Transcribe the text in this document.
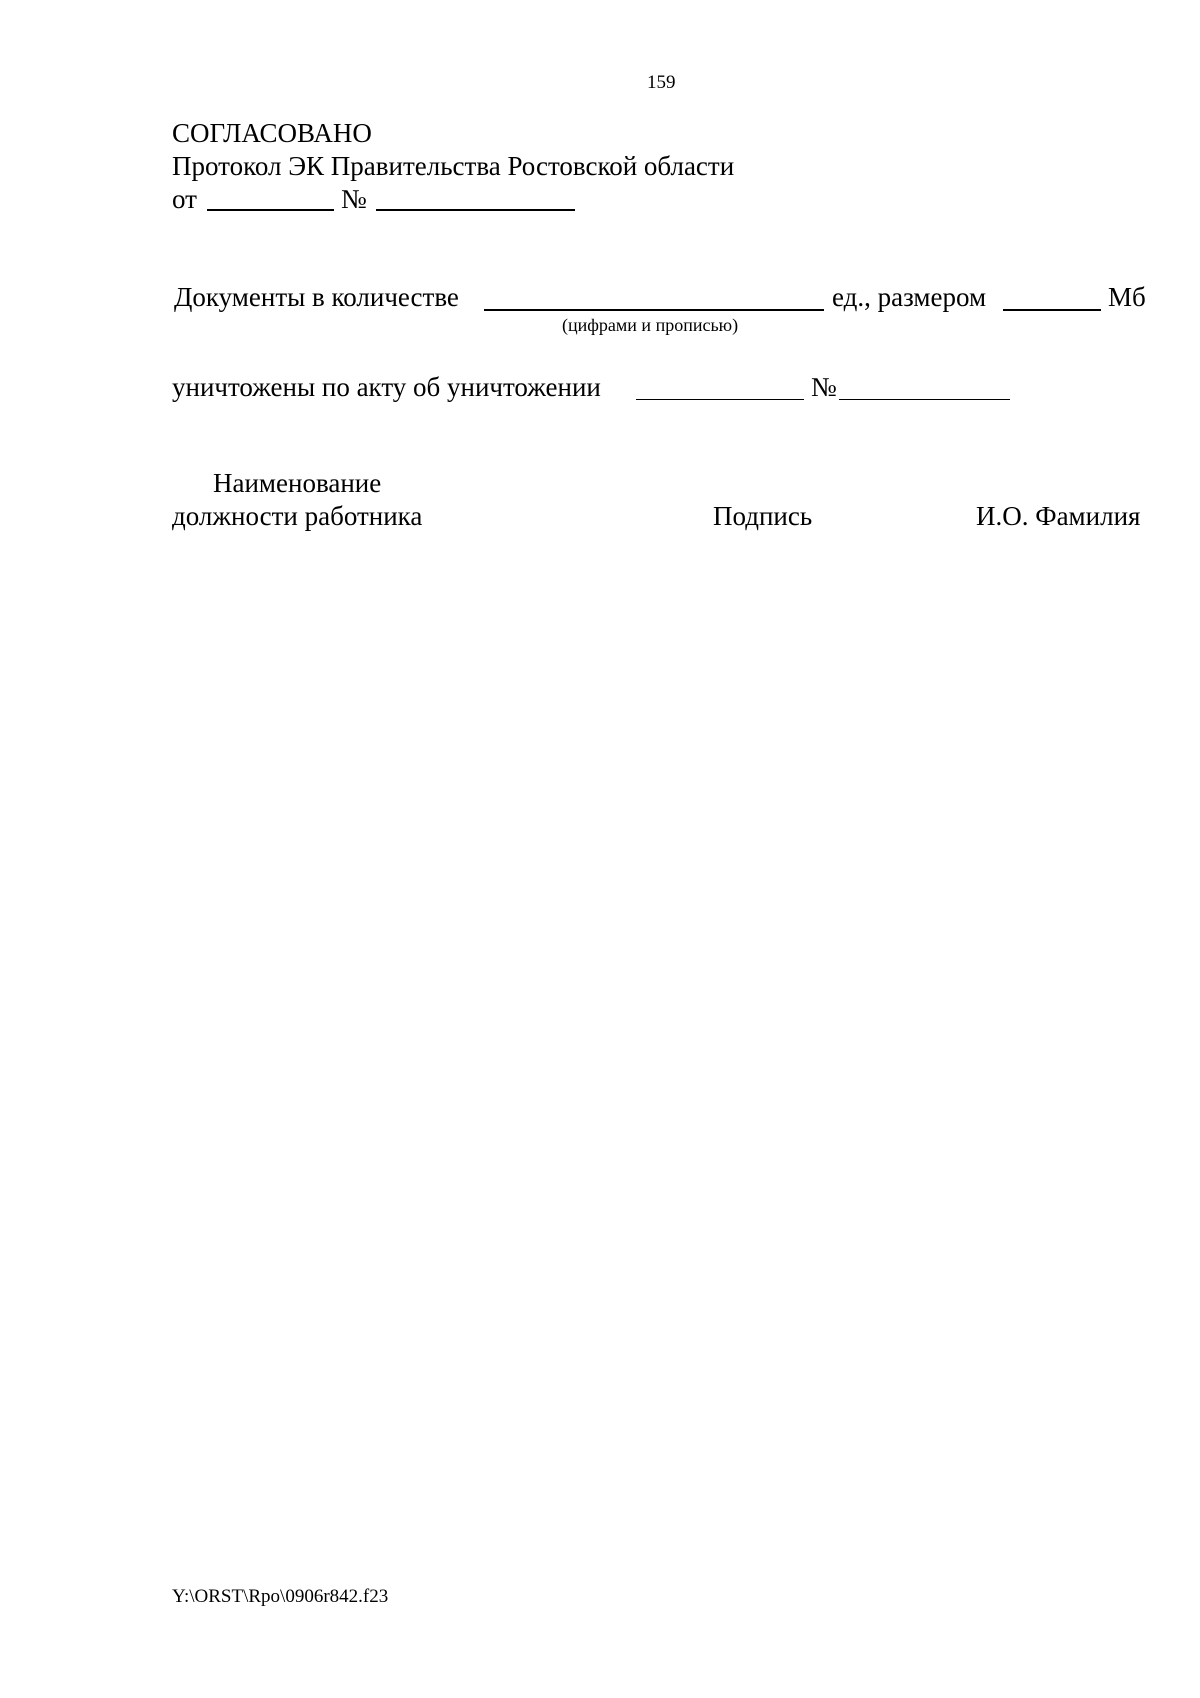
159
СОГЛАСОВАНО
Протокол ЭК Правительства Ростовской области
от	№
Документы в количестве	ед., размером	Мб
(цифрами и прописью)
уничтожены по акту об уничтожении	№
Наименование
должности работника	Подпись	И.О. Фамилия
Y:\ORST\Rpo\0906r842.f23
